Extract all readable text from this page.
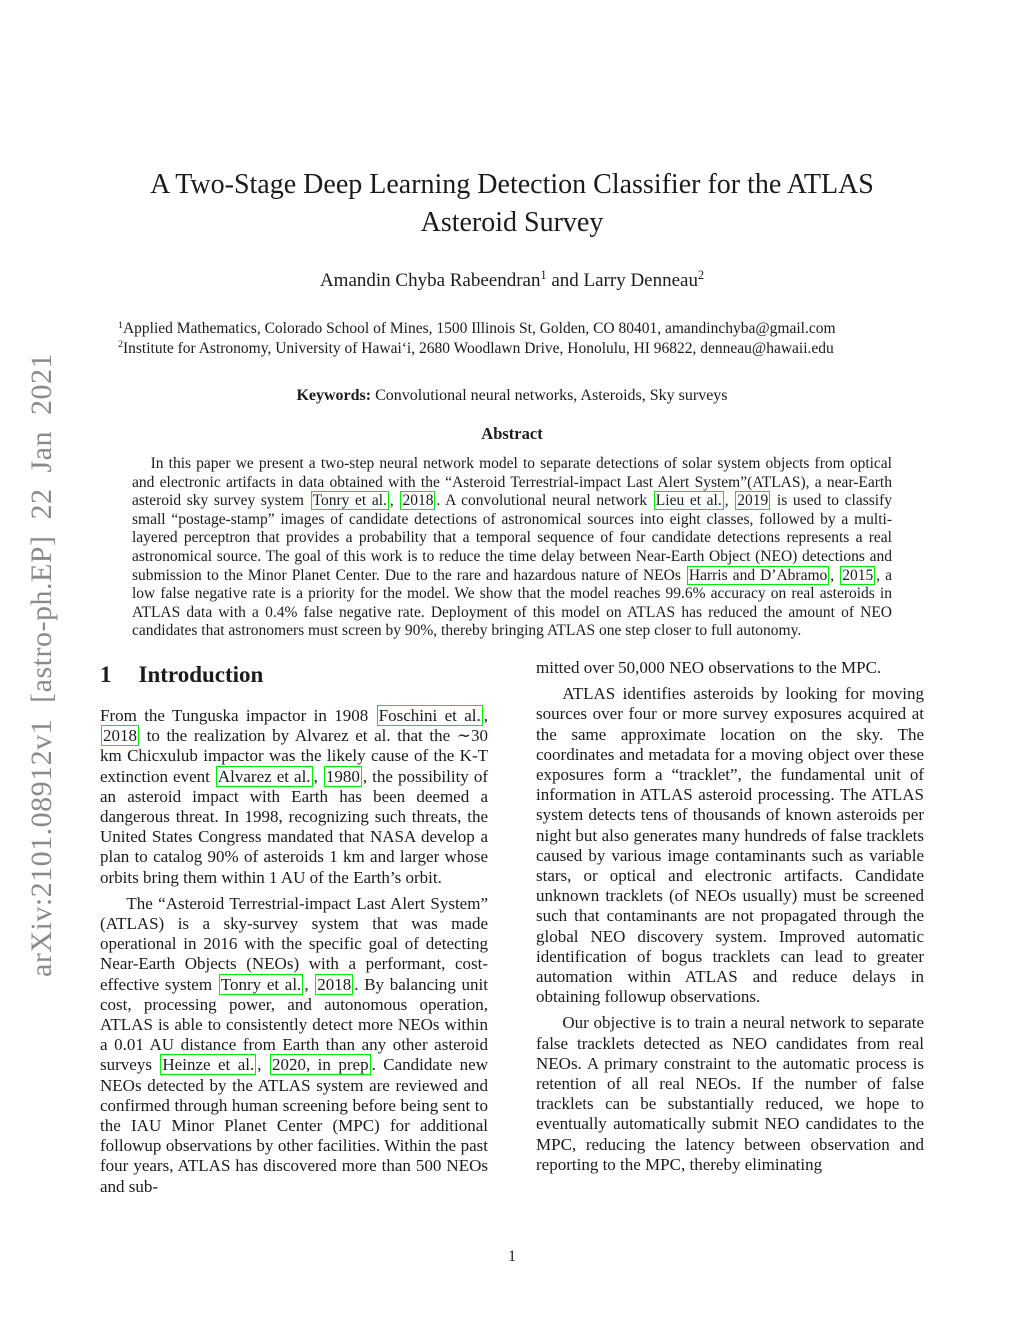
arXiv:2101.08912v1 [astro-ph.EP] 22 Jan 2021
A Two-Stage Deep Learning Detection Classifier for the ATLAS Asteroid Survey
Amandin Chyba Rabeendran$^1$ and Larry Denneau$^2$
$^1$Applied Mathematics, Colorado School of Mines, 1500 Illinois St, Golden, CO 80401, amandinchyba@gmail.com
$^2$Institute for Astronomy, University of Hawaiʻi, 2680 Woodlawn Drive, Honolulu, HI 96822, denneau@hawaii.edu
Keywords: Convolutional neural networks, Asteroids, Sky surveys
Abstract

In this paper we present a two-step neural network model to separate detections of solar system objects from optical and electronic artifacts in data obtained with the “Asteroid Terrestrial-impact Last Alert System”(ATLAS), a near-Earth asteroid sky survey system Tonry et al. , 2018 . A convolutional neural network Lieu et al. , 2019 is used to classify small “postage-stamp” images of candidate detections of astronomical sources into eight classes, followed by a multi-layered perceptron that provides a probability that a temporal sequence of four candidate detections represents a real astronomical source. The goal of this work is to reduce the time delay between Near-Earth Object (NEO) detections and submission to the Minor Planet Center. Due to the rare and hazardous nature of NEOs Harris and D’Abramo , 2015 , a low false negative rate is a priority for the model. We show that the model reaches 99.6% accuracy on real asteroids in ATLAS data with a 0.4% false negative rate. Deployment of this model on ATLAS has reduced the amount of NEO candidates that astronomers must screen by 90%, thereby bringing ATLAS one step closer to full autonomy.

1 Introduction

From the Tunguska impactor in 1908 Foschini et al. , 2018 to the realization by Alvarez et al. that the ∼30 km Chicxulub impactor was the likely cause of the K-T extinction event Alvarez et al. , 1980 , the possibility of an asteroid impact with Earth has been deemed a dangerous threat. In 1998, recognizing such threats, the United States Congress mandated that NASA develop a plan to catalog 90% of asteroids 1 km and larger whose orbits bring them within 1 AU of the Earth’s orbit.

The “Asteroid Terrestrial-impact Last Alert System” (ATLAS) is a sky-survey system that was made operational in 2016 with the specific goal of detecting Near-Earth Objects (NEOs) with a performant, cost-effective system Tonry et al. , 2018 . By balancing unit cost, processing power, and autonomous operation, ATLAS is able to consistently detect more NEOs within a 0.01 AU distance from Earth than any other asteroid surveys Heinze et al. , 2020, in prep . Candidate new NEOs detected by the ATLAS system are reviewed and confirmed through human screening before being sent to the IAU Minor Planet Center (MPC) for additional followup observations by other facilities. Within the past four years, ATLAS has discovered more than 500 NEOs and sub-

mitted over 50,000 NEO observations to the MPC.

ATLAS identifies asteroids by looking for moving sources over four or more survey exposures acquired at the same approximate location on the sky. The coordinates and metadata for a moving object over these exposures form a “tracklet”, the fundamental unit of information in ATLAS asteroid processing. The ATLAS system detects tens of thousands of known asteroids per night but also generates many hundreds of false tracklets caused by various image contaminants such as variable stars, or optical and electronic artifacts. Candidate unknown tracklets (of NEOs usually) must be screened such that contaminants are not propagated through the global NEO discovery system. Improved automatic identification of bogus tracklets can lead to greater automation within ATLAS and reduce delays in obtaining followup observations.

Our objective is to train a neural network to separate false tracklets detected as NEO candidates from real NEOs. A primary constraint to the automatic process is retention of all real NEOs. If the number of false tracklets can be substantially reduced, we hope to eventually automatically submit NEO candidates to the MPC, reducing the latency between observation and reporting to the MPC, thereby eliminating

1
